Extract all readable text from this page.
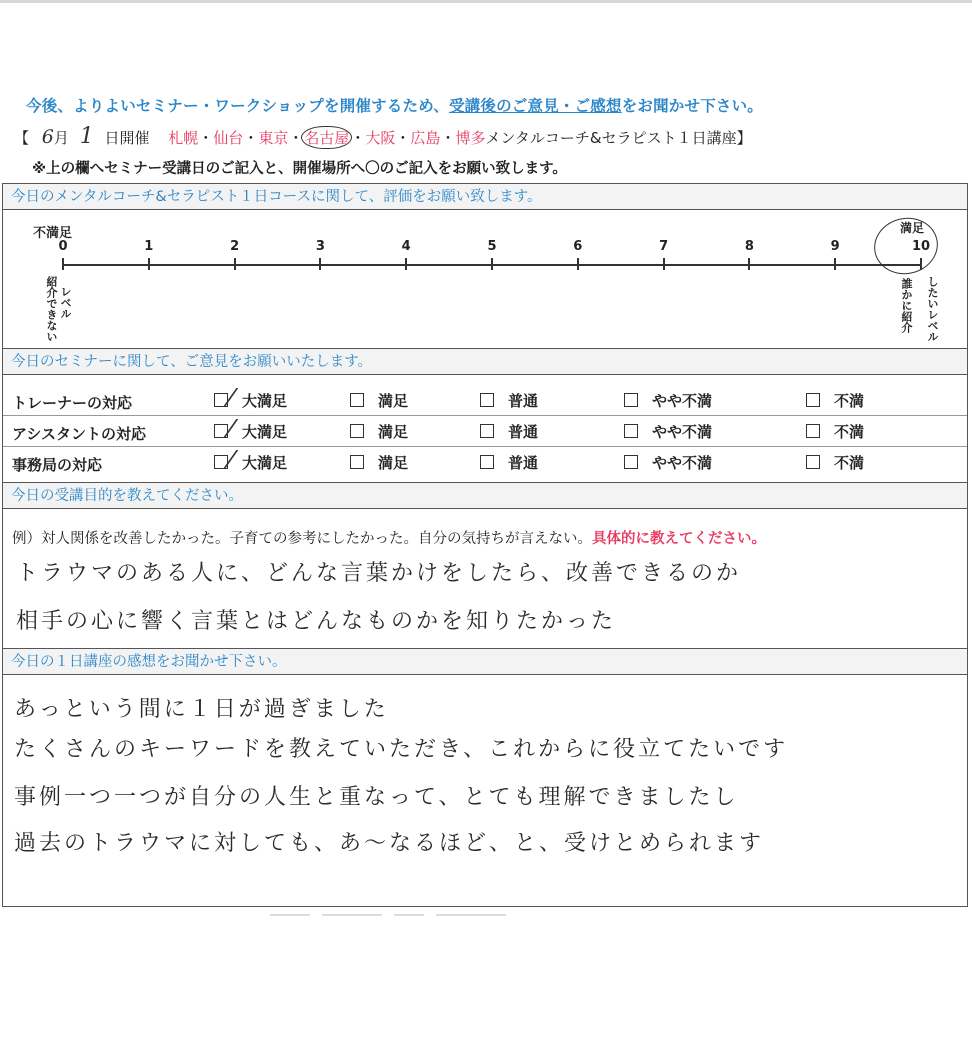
今後、よりよいセミナー・ワークショップを開催するため、受講後のご意見・ご感想をお聞かせ下さい。
【 6月 1 日開催 札幌・仙台・東京・名古屋・大阪・広島・博多メンタルコーチ&セラピスト１日講座】
※上の欄へセミナー受講日のご記入と、開催場所へ〇のご記入をお願い致します。
今日のメンタルコーチ&セラピスト１日コースに関して、評価をお願い致します。
不満足	満足
0	1	2	3	4	5	6	7	8	9	10
紹介できない レベル	誰かに紹介 したいレベル
今日のセミナーに関して、ご意見をお願いいたします。
トレーナーの対応	大満足	満足	普通	やや不満	不満
アシスタントの対応	大満足	満足	普通	やや不満	不満
事務局の対応	大満足	満足	普通	やや不満	不満
今日の受講目的を教えてください。
例）対人関係を改善したかった。子育ての参考にしたかった。自分の気持ちが言えない。具体的に教えてください。
トラウマのある人に、どんな言葉かけをしたら、改善できるのか
相手の心に響く言葉とはどんなものかを知りたかった
今日の１日講座の感想をお聞かせ下さい。
あっという間に１日が過ぎました
たくさんのキーワードを教えていただき、これからに役立てたいです
事例一つ一つが自分の人生と重なって、とても理解できましたし
過去のトラウマに対しても、あ〜なるほど、と、受けとめられます
